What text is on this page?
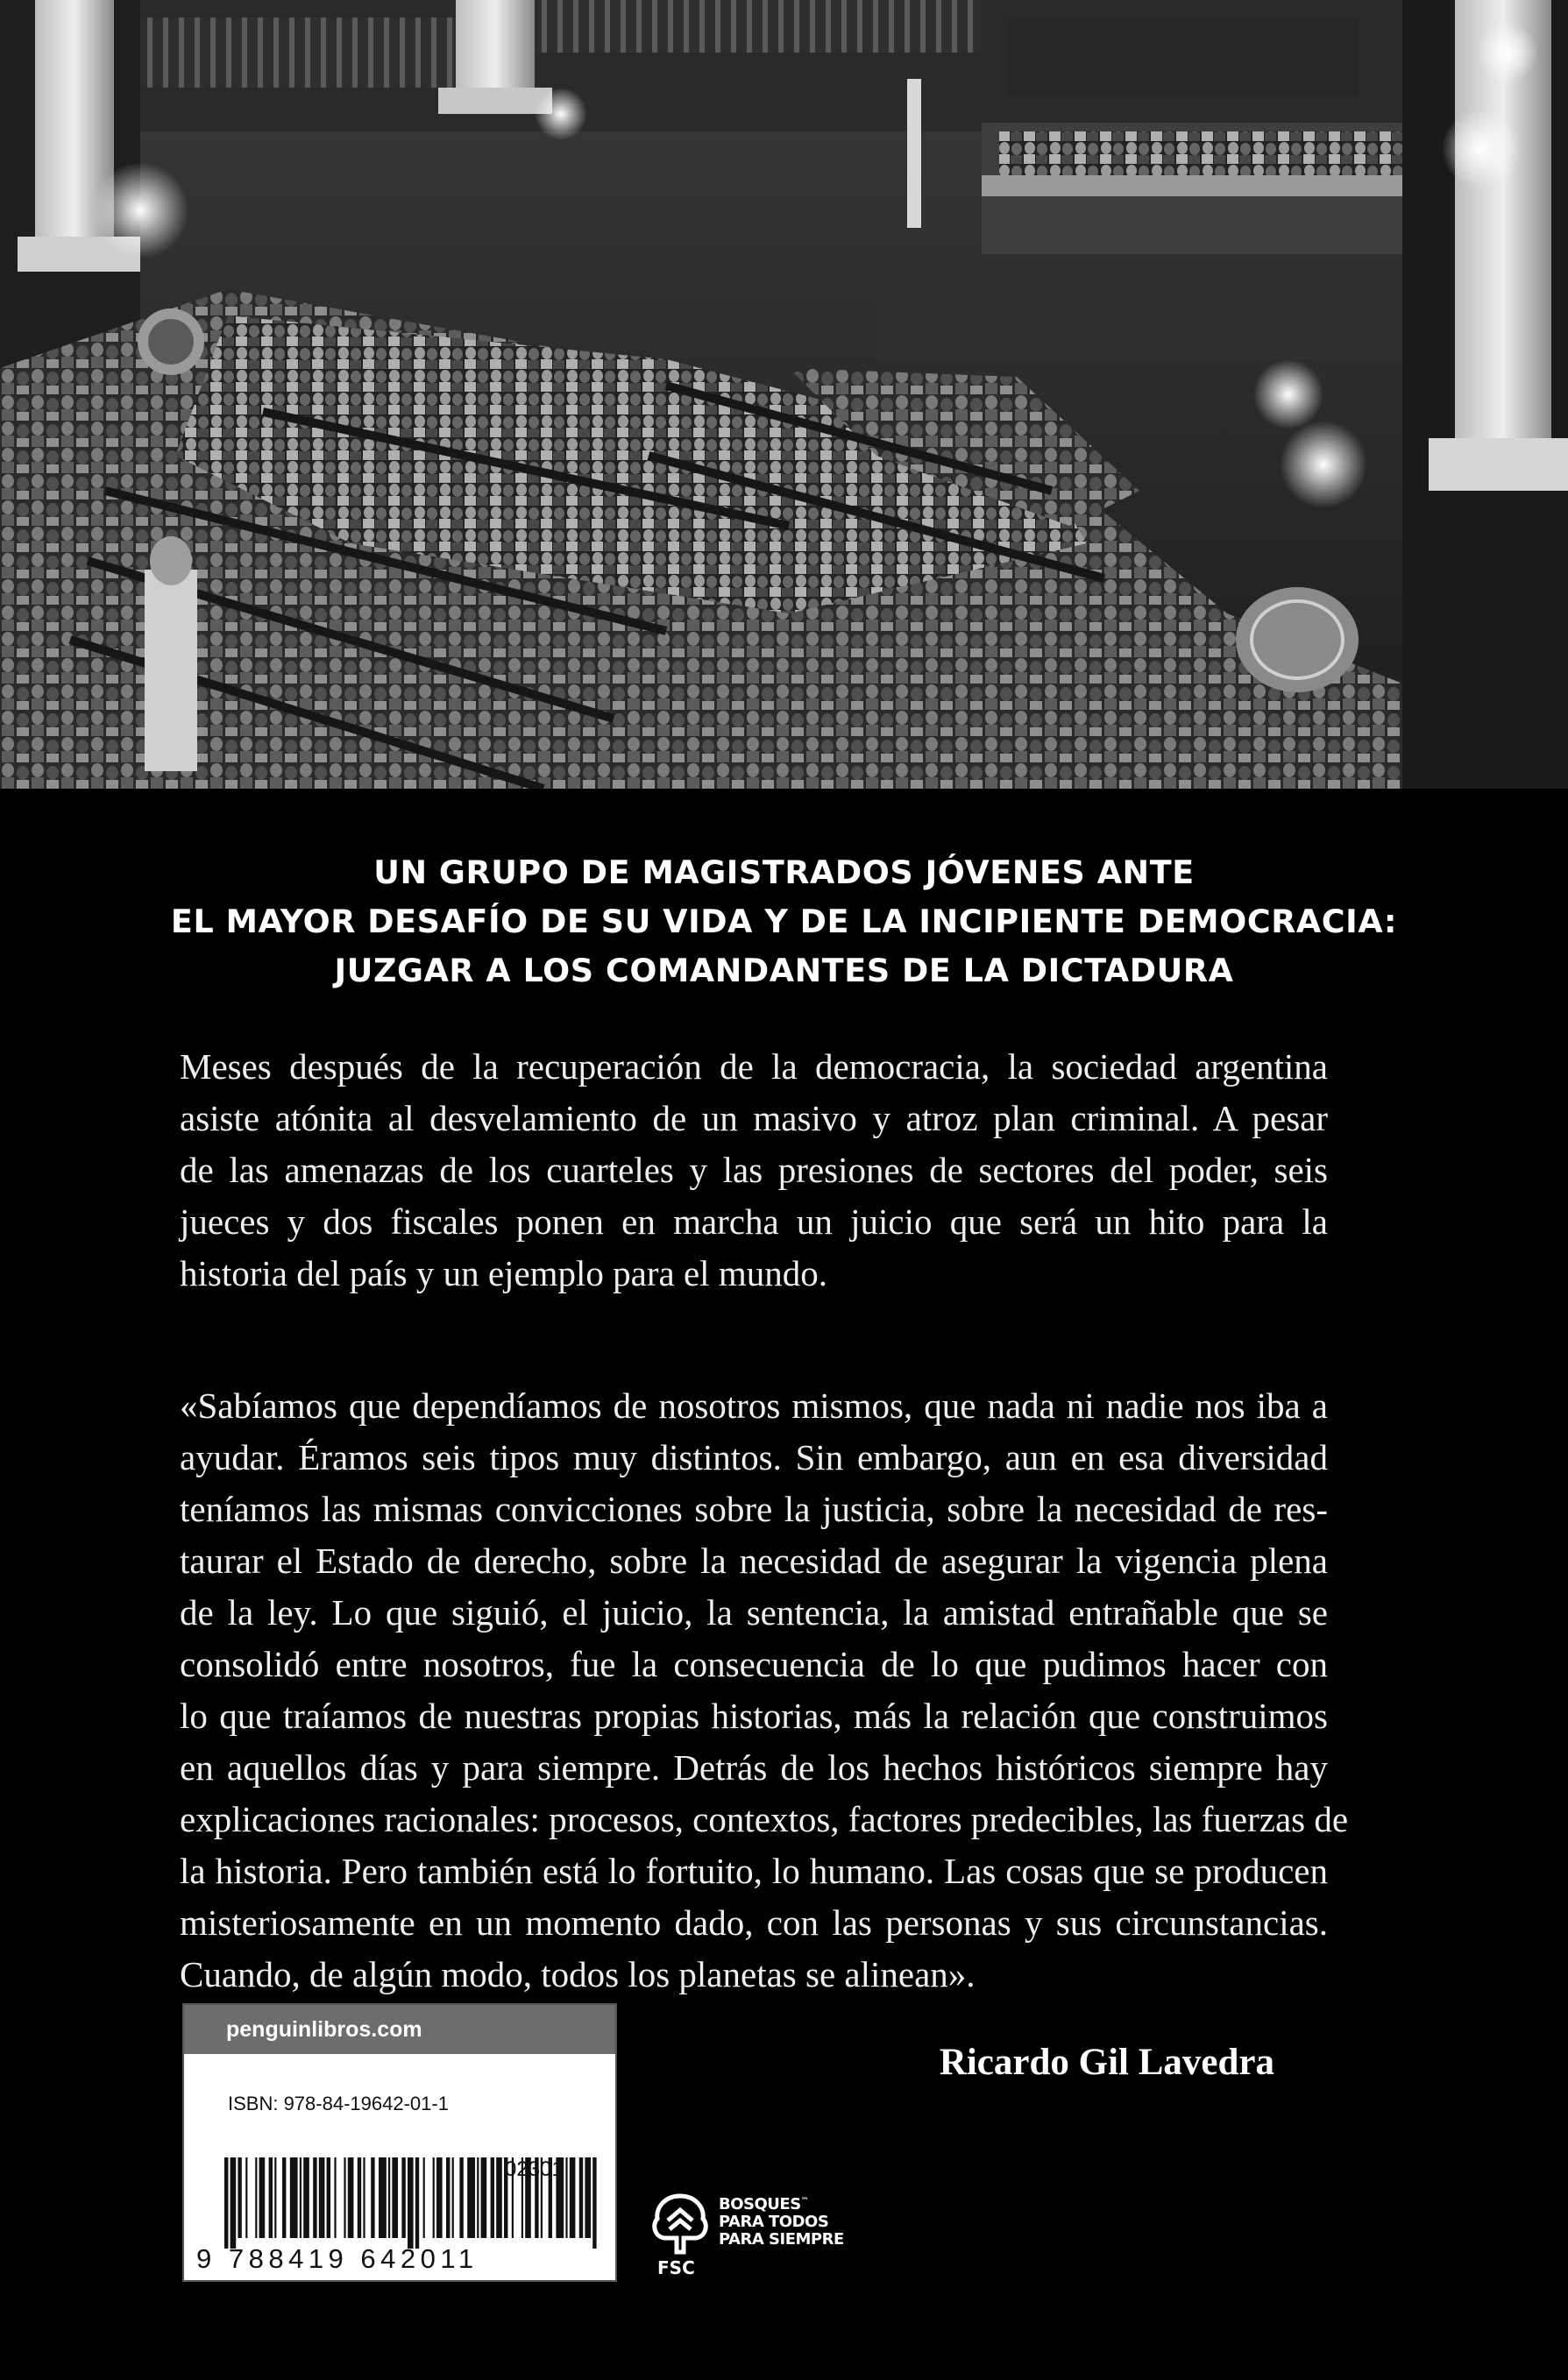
UN GRUPO DE MAGISTRADOS JÓVENES ANTE
EL MAYOR DESAFÍO DE SU VIDA Y DE LA INCIPIENTE DEMOCRACIA:
JUZGAR A LOS COMANDANTES DE LA DICTADURA
Meses después de la recuperación de la democracia, la sociedad argentina
asiste atónita al desvelamiento de un masivo y atroz plan criminal. A pesar
de las amenazas de los cuarteles y las presiones de sectores del poder, seis
jueces y dos fiscales ponen en marcha un juicio que será un hito para la
historia del país y un ejemplo para el mundo.
«Sabíamos que dependíamos de nosotros mismos, que nada ni nadie nos iba a
ayudar. Éramos seis tipos muy distintos. Sin embargo, aun en esa diversidad
teníamos las mismas convicciones sobre la justicia, sobre la necesidad de res-
taurar el Estado de derecho, sobre la necesidad de asegurar la vigencia plena
de la ley. Lo que siguió, el juicio, la sentencia, la amistad entrañable que se
consolidó entre nosotros, fue la consecuencia de lo que pudimos hacer con
lo que traíamos de nuestras propias historias, más la relación que construimos
en aquellos días y para siempre. Detrás de los hechos históricos siempre hay
explicaciones racionales: procesos, contextos, factores predecibles, las fuerzas de
la historia. Pero también está lo fortuito, lo humano. Las cosas que se producen
misteriosamente en un momento dado, con las personas y sus circunstancias.
Cuando, de algún modo, todos los planetas se alinean».
Ricardo Gil Lavedra
penguinlibros.com
ISBN: 978-84-19642-01-1
02301
9 788419 642011	FSC
BOSQUES™
PARA TODOS
PARA SIEMPRE
